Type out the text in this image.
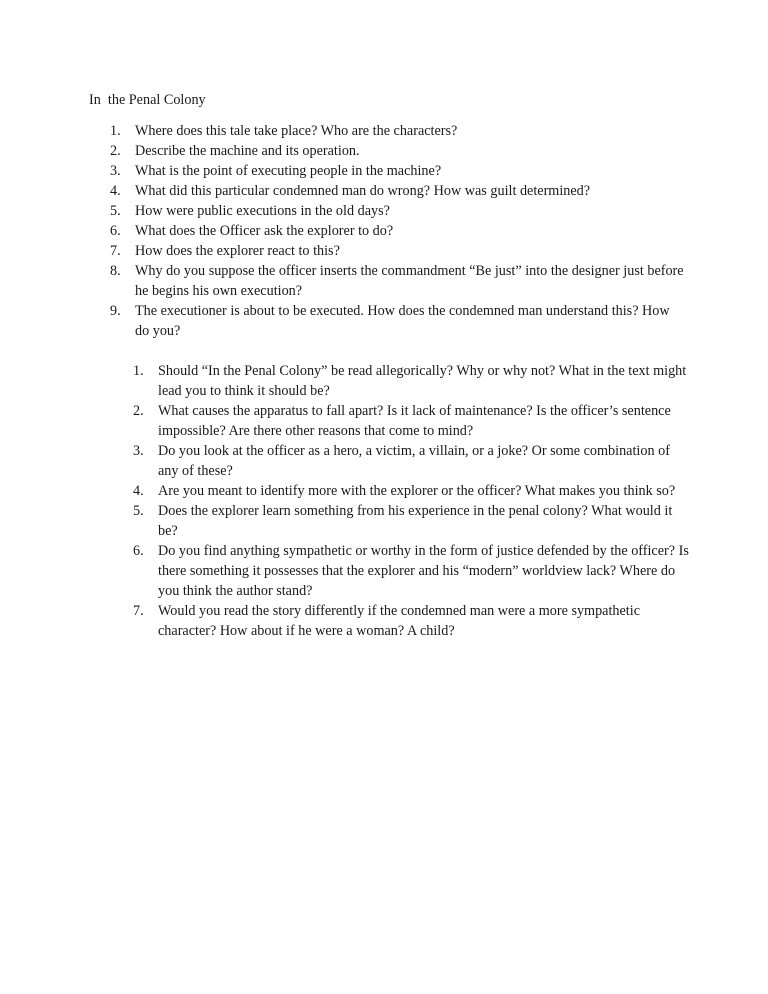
In  the Penal Colony
1.	Where does this tale take place? Who are the characters?
2.	Describe the machine and its operation.
3.	What is the point of executing people in the machine?
4.	What did this particular condemned man do wrong? How was guilt determined?
5.	How were public executions in the old days?
6.	What does the Officer ask the explorer to do?
7.	How does the explorer react to this?
8.	Why do you suppose the officer inserts the commandment “Be just” into the designer just before he begins his own execution?
9.	The executioner is about to be executed. How does the condemned man understand this? How do you?
1.	Should “In the Penal Colony” be read allegorically? Why or why not? What in the text might lead you to think it should be?
2.	What causes the apparatus to fall apart? Is it lack of maintenance? Is the officer’s sentence impossible? Are there other reasons that come to mind?
3.	Do you look at the officer as a hero, a victim, a villain, or a joke? Or some combination of any of these?
4.	Are you meant to identify more with the explorer or the officer? What makes you think so?
5.	Does the explorer learn something from his experience in the penal colony? What would it be?
6.	Do you find anything sympathetic or worthy in the form of justice defended by the officer? Is there something it possesses that the explorer and his “modern” worldview lack? Where do you think the author stand?
7.	Would you read the story differently if the condemned man were a more sympathetic character? How about if he were a woman? A child?
